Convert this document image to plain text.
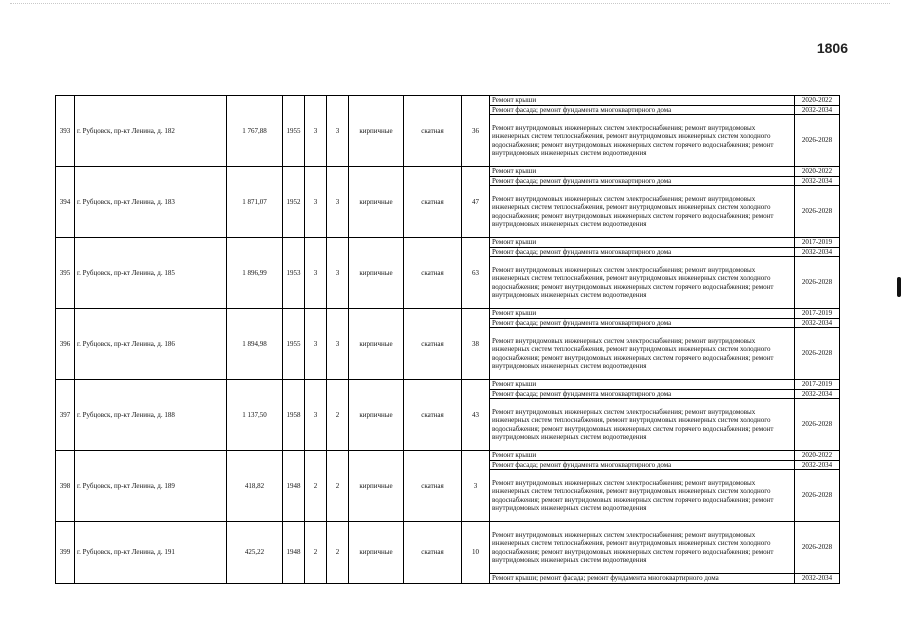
1806
393	г. Рубцовск, пр-кт Ленина, д. 182	1 767,88	1955	3	3	кирпичные	скатная	36	Ремонт крыши	2020-2022
									Ремонт фасада; ремонт фундамента многоквартирного дома	2032-2034
									Ремонт внутридомовых инженерных систем электроснабжения; ремонт внутридомовых инженерных систем теплоснабжения, ремонт внутридомовых инженерных систем холодного водоснабжения; ремонт внутридомовых инженерных систем горячего водоснабжения; ремонт внутридомовых инженерных систем водоотведения	2026-2028
394	г. Рубцовск, пр-кт Ленина, д. 183	1 871,07	1952	3	3	кирпичные	скатная	47	Ремонт крыши	2020-2022
									Ремонт фасада; ремонт фундамента многоквартирного дома	2032-2034
									Ремонт внутридомовых инженерных систем электроснабжения; ремонт внутридомовых инженерных систем теплоснабжения, ремонт внутридомовых инженерных систем холодного водоснабжения; ремонт внутридомовых инженерных систем горячего водоснабжения; ремонт внутридомовых инженерных систем водоотведения	2026-2028
395	г. Рубцовск, пр-кт Ленина, д. 185	1 896,99	1953	3	3	кирпичные	скатная	63	Ремонт крыши	2017-2019
									Ремонт фасада; ремонт фундамента многоквартирного дома	2032-2034
									Ремонт внутридомовых инженерных систем электроснабжения; ремонт внутридомовых инженерных систем теплоснабжения, ремонт внутридомовых инженерных систем холодного водоснабжения; ремонт внутридомовых инженерных систем горячего водоснабжения; ремонт внутридомовых инженерных систем водоотведения	2026-2028
396	г. Рубцовск, пр-кт Ленина, д. 186	1 894,98	1955	3	3	кирпичные	скатная	38	Ремонт крыши	2017-2019
									Ремонт фасада; ремонт фундамента многоквартирного дома	2032-2034
									Ремонт внутридомовых инженерных систем электроснабжения; ремонт внутридомовых инженерных систем теплоснабжения, ремонт внутридомовых инженерных систем холодного водоснабжения; ремонт внутридомовых инженерных систем горячего водоснабжения; ремонт внутридомовых инженерных систем водоотведения	2026-2028
397	г. Рубцовск, пр-кт Ленина, д. 188	1 137,50	1958	3	2	кирпичные	скатная	43	Ремонт крыши	2017-2019
									Ремонт фасада; ремонт фундамента многоквартирного дома	2032-2034
									Ремонт внутридомовых инженерных систем электроснабжения; ремонт внутридомовых инженерных систем теплоснабжения, ремонт внутридомовых инженерных систем холодного водоснабжения; ремонт внутридомовых инженерных систем горячего водоснабжения; ремонт внутридомовых инженерных систем водоотведения	2026-2028
398	г. Рубцовск, пр-кт Ленина, д. 189	418,82	1948	2	2	кирпичные	скатная	3	Ремонт крыши	2020-2022
									Ремонт фасада; ремонт фундамента многоквартирного дома	2032-2034
									Ремонт внутридомовых инженерных систем электроснабжения; ремонт внутридомовых инженерных систем теплоснабжения, ремонт внутридомовых инженерных систем холодного водоснабжения; ремонт внутридомовых инженерных систем горячего водоснабжения; ремонт внутридомовых инженерных систем водоотведения	2026-2028
399	г. Рубцовск, пр-кт Ленина, д. 191	425,22	1948	2	2	кирпичные	скатная	10	Ремонт внутридомовых инженерных систем электроснабжения; ремонт внутридомовых инженерных систем теплоснабжения, ремонт внутридомовых инженерных систем холодного водоснабжения; ремонт внутридомовых инженерных систем горячего водоснабжения; ремонт внутридомовых инженерных систем водоотведения	2026-2028
									Ремонт крыши; ремонт фасада; ремонт фундамента многоквартирного дома	2032-2034
